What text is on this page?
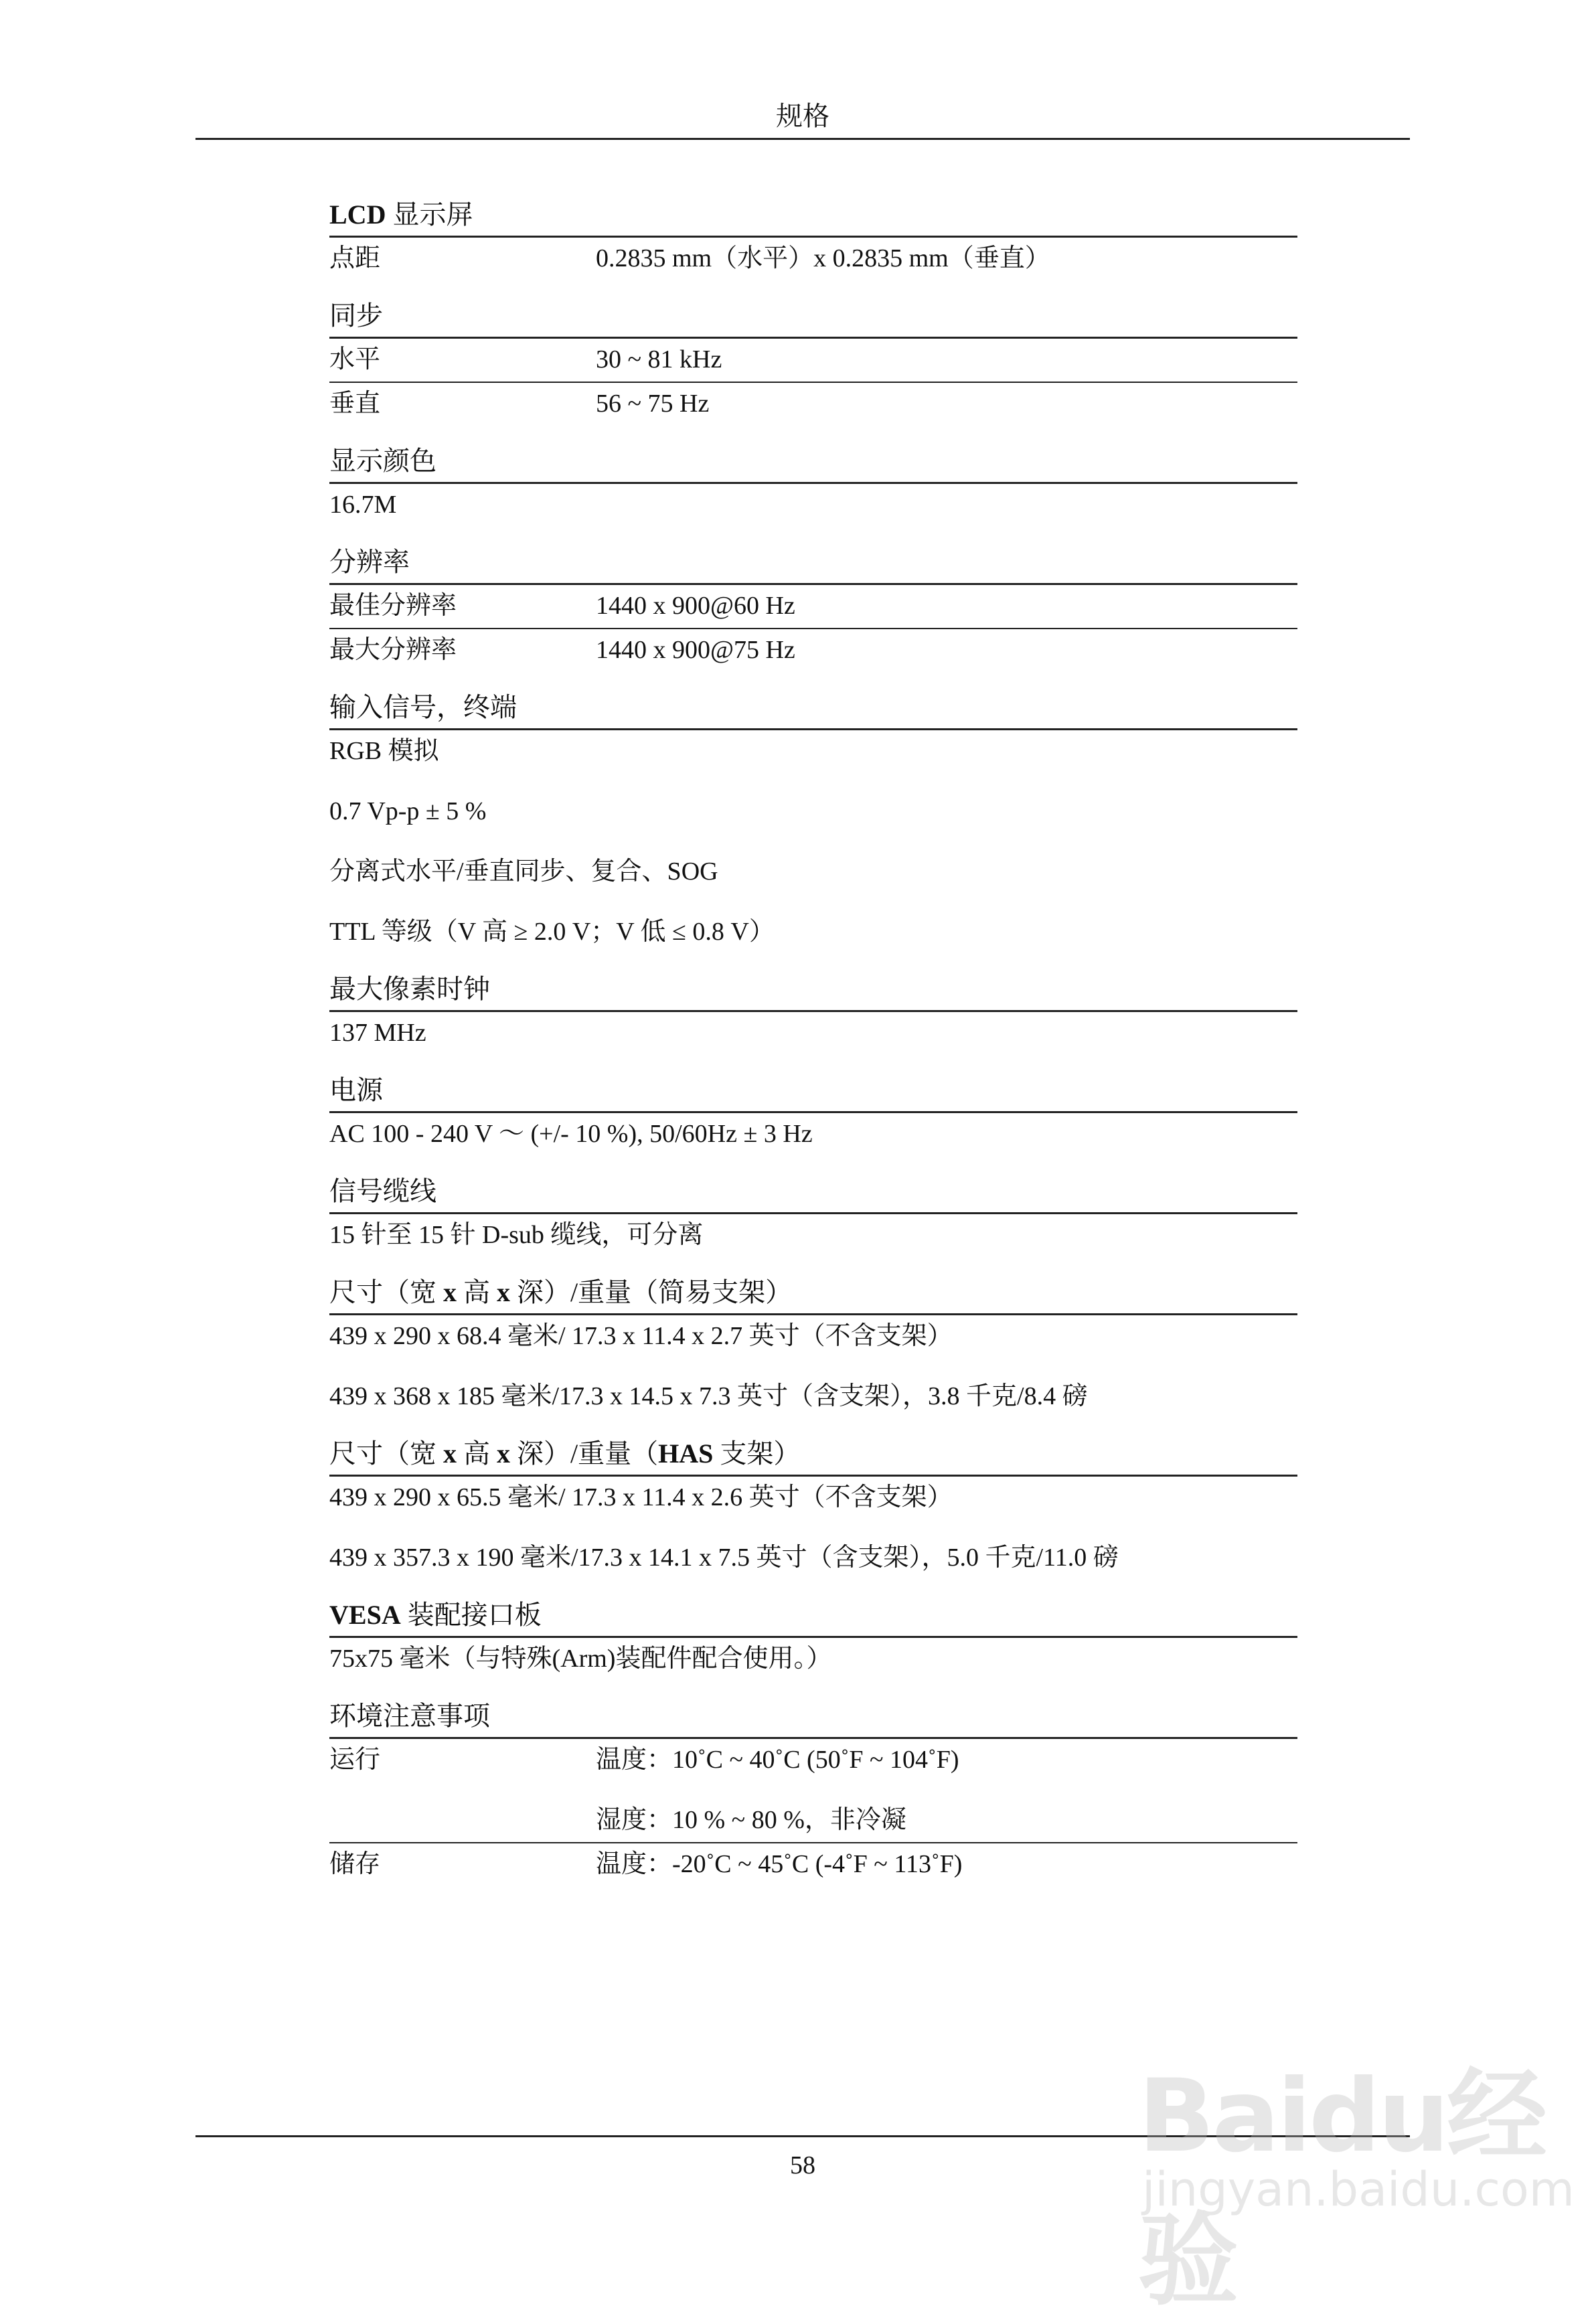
规格
LCD 显示屏
点距	0.2835 mm（水平）x 0.2835 mm（垂直）
同步
水平	30 ~ 81 kHz
垂直	56 ~ 75 Hz
显示颜色
16.7M
分辨率
最佳分辨率	1440 x 900@60 Hz
最大分辨率	1440 x 900@75 Hz
输入信号，终端
RGB 模拟
0.7 Vp-p ± 5 %
分离式水平/垂直同步、复合、SOG
TTL 等级（V 高 ≥ 2.0 V；V 低 ≤ 0.8 V）
最大像素时钟
137 MHz
电源
AC 100 - 240 V ～ (+/- 10 %), 50/60Hz ± 3 Hz
信号缆线
15 针至 15 针 D-sub 缆线，可分离
尺寸（宽 x 高 x 深）/重量（简易支架）
439 x 290 x 68.4 毫米/ 17.3 x 11.4 x 2.7 英寸（不含支架）
439 x 368 x 185 毫米/17.3 x 14.5 x 7.3 英寸（含支架），3.8 千克/8.4 磅
尺寸（宽 x 高 x 深）/重量（HAS 支架）
439 x 290 x 65.5 毫米/ 17.3 x 11.4 x 2.6 英寸（不含支架）
439 x 357.3 x 190 毫米/17.3 x 14.1 x 7.5 英寸（含支架），5.0 千克/11.0 磅
VESA 装配接口板
75x75 毫米（与特殊(Arm)装配件配合使用。）
环境注意事项
运行	温度：10˚C ~ 40˚C (50˚F ~ 104˚F)
湿度：10 % ~ 80 %，非冷凝
储存	温度：-20˚C ~ 45˚C (-4˚F ~ 113˚F)
58	Baidu经验
jingyan.baidu.com
